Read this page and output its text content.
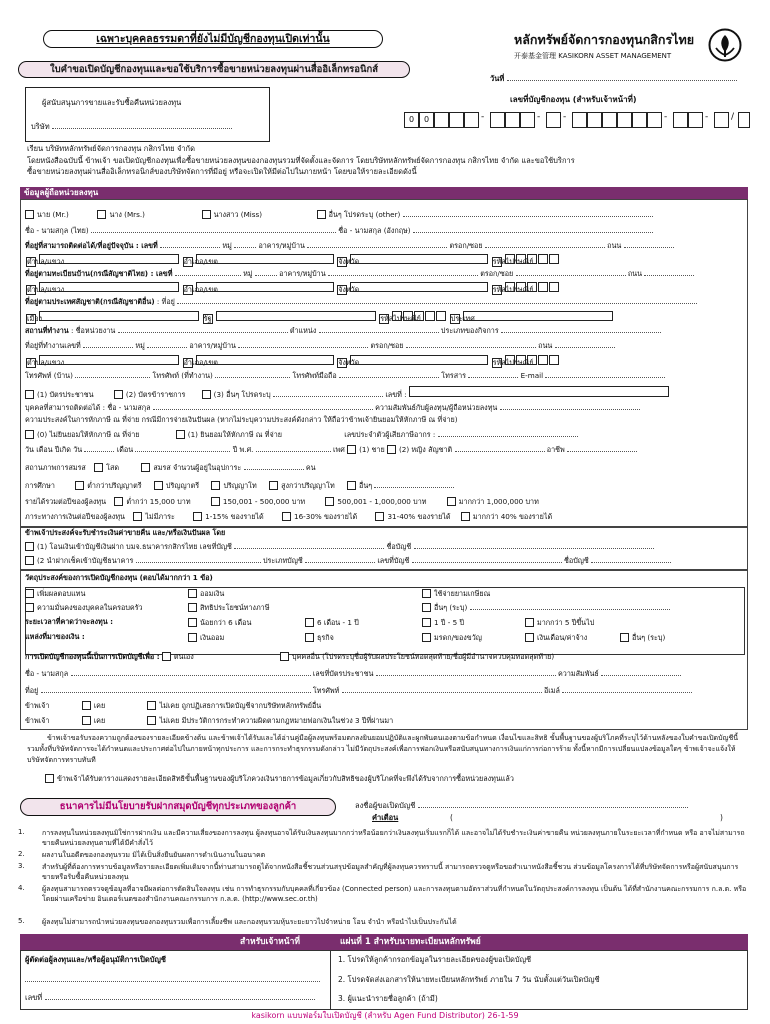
เฉพาะบุคคลธรรมดาที่ยังไม่มีบัญชีกองทุนเปิดเท่านั้น
ใบคำขอเปิดบัญชีกองทุนและขอใช้บริการซื้อขายหน่วยลงทุนผ่านสื่ออิเล็กทรอนิกส์
หลักทรัพย์จัดการกองทุนกสิกรไทย
开泰基金管理 KASIKORN ASSET MANAGEMENT
ผู้สนับสนุนการขายและรับซื้อคืนหน่วยลงทุน
บริษัท
วันที่
เลขที่บัญชีกองทุน (สำหรับเจ้าหน้าที่)
0	0	-	-	-	-	-	/
เรียน บริษัทหลักทรัพย์จัดการกองทุน กสิกรไทย จำกัด
โดยหนังสือฉบับนี้ ข้าพเจ้า ขอเปิดบัญชีกองทุนเพื่อซื้อขายหน่วยลงทุนของกองทุนรวมที่จัดตั้งและจัดการ โดยบริษัทหลักทรัพย์จัดการกองทุน กสิกรไทย จำกัด และขอใช้บริการ
ซื้อขายหน่วยลงทุนผ่านสื่ออิเล็กทรอนิกส์ของบริษัทจัดการที่มีอยู่ หรือจะเปิดให้มีต่อไปในภายหน้า โดยขอให้รายละเอียดดังนี้
ข้อมูลผู้ถือหน่วยลงทุน
นาย (Mr.)	นาง (Mrs.)	นางสาว (Miss)	อื่นๆ โปรดระบุ (other)
ชื่อ - นามสกุล (ไทย)	ชื่อ - นามสกุล (อังกฤษ)
ที่อยู่ที่สามารถติดต่อได้/ที่อยู่ปัจจุบัน : เลขที่	หมู่	อาคาร/หมู่บ้าน	ตรอก/ซอย	ถนน
ตำบล/แขวง	อำเภอ/เขต	จังหวัด	รหัสไปรษณีย์
ที่อยู่ตามทะเบียนบ้าน(กรณีสัญชาติไทย) : เลขที่	หมู่	อาคาร/หมู่บ้าน	ตรอก/ซอย	ถนน
ตำบล/แขวง	อำเภอ/เขต	จังหวัด	รหัสไปรษณีย์
ที่อยู่ตามประเทศสัญชาติ(กรณีสัญชาติอื่น) : ที่อยู่
เมือง	รัฐ	รหัสไปรษณีย์	ประเทศ
สถานที่ทำงาน : ชื่อหน่วยงาน	ตำแหน่ง	ประเภทของกิจการ
ที่อยู่ที่ทำงานเลขที่	หมู่	อาคาร/หมู่บ้าน	ตรอก/ซอย	ถนน
ตำบล/แขวง	อำเภอ/เขต	จังหวัด	รหัสไปรษณีย์
โทรศัพท์ (บ้าน)	โทรศัพท์ (ที่ทำงาน)	โทรศัพท์มือถือ	โทรสาร	E-mail
(1) บัตรประชาชน	(2) บัตรข้าราชการ	(3) อื่นๆ โปรดระบุ	เลขที่ :
บุคคลที่สามารถติดต่อได้ : ชื่อ - นามสกุล	ความสัมพันธ์กับผู้ลงทุน/ผู้ถือหน่วยลงทุน
ความประสงค์ในการหักภาษี ณ ที่จ่าย กรณีมีการจ่ายเงินปันผล (หากไม่ระบุความประสงค์ดังกล่าว ให้ถือว่าข้าพเจ้ายินยอมให้หักภาษี ณ ที่จ่าย)
(0) ไม่ยินยอมให้หักภาษี ณ ที่จ่าย	(1) ยินยอมให้หักภาษี ณ ที่จ่าย	เลขประจำตัวผู้เสียภาษีอากร :
วัน เดือน ปีเกิด วัน	เดือน	ปี พ.ศ.	เพศ (1) ชาย (2) หญิง สัญชาติ	อาชีพ
สถานภาพการสมรส	โสด	สมรส จำนวนผู้อยู่ในอุปการะ	คน
การศึกษา	ต่ำกว่าปริญญาตรี	ปริญญาตรี	ปริญญาโท	สูงกว่าปริญญาโท	อื่นๆ
รายได้รวมต่อปีของผู้ลงทุน	ต่ำกว่า 15,000 บาท	150,001 - 500,000 บาท	500,001 - 1,000,000 บาท	มากกว่า 1,000,000 บาท
ภาระทางการเงินต่อปีของผู้ลงทุน	ไม่มีภาระ	1-15% ของรายได้	16-30% ของรายได้	31-40% ของรายได้	มากกว่า 40% ของรายได้
ข้าพเจ้าประสงค์จะรับชำระเงินค่าขายคืน และ/หรือเงินปันผล โดย
(1) โอนเงินเข้าบัญชีเงินฝาก บมจ.ธนาคารกสิกรไทย เลขที่บัญชี	ชื่อบัญชี
(2 นำฝากเช็คเข้าบัญชีธนาคาร	ประเภทบัญชี	เลขที่บัญชี	ชื่อบัญชี
วัตถุประสงค์ของการเปิดบัญชีกองทุน (ตอบได้มากกว่า 1 ข้อ)
เพิ่มผลตอบแทน	ออมเงิน	ใช้จ่ายยามเกษียณ
ความมั่นคงของบุคคลในครอบครัว	สิทธิประโยชน์ทางภาษี	อื่นๆ (ระบุ)
ระยะเวลาที่คาดว่าจะลงทุน :	น้อยกว่า 6 เดือน	6 เดือน - 1 ปี	1 ปี - 5 ปี	มากกว่า 5 ปีขึ้นไป
แหล่งที่มาของเงิน :	เงินออม	ธุรกิจ	มรดก/ของขวัญ	เงินเดือน/ค่าจ้าง	อื่นๆ (ระบุ)
การเปิดบัญชีกองทุนนี้เป็นการเปิดบัญชีเพื่อ : ตนเอง	บุคคลอื่น (โปรดระบุชื่อผู้รับผลประโยชน์ทอดสุดท้าย/ชื่อผู้มีอำนาจควบคุมทอดสุดท้าย)
ชื่อ - นามสกุล	เลขที่บัตรประชาชน	ความสัมพันธ์
ที่อยู่	โทรศัพท์	อีเมล์
ข้าพเจ้า	เคย	ไม่เคย ถูกปฏิเสธการเปิดบัญชีจากบริษัทหลักทรัพย์อื่น
ข้าพเจ้า	เคย	ไม่เคย มีประวัติการกระทำความผิดตามกฎหมายฟอกเงินในช่วง 3 ปีที่ผ่านมา
ข้าพเจ้าขอรับรองความถูกต้องของรายละเอียดข้างต้น และข้าพเจ้าได้รับและได้อ่านคู่มือผู้ลงทุนพร้อมตกลงยินยอมปฏิบัติและผูกพันตนเองตามข้อกำหนด เงื่อนไขและสิทธิ ขั้นพื้นฐานของผู้บริโภคที่ระบุไว้ด้านหลังของใบคำขอเปิดบัญชีนี้ รวมทั้งที่บริษัทจัดการจะได้กำหนดและประกาศต่อไปในภายหน้าทุกประการ และการกระทำธุรกรรมดังกล่าว ไม่มีวัตถุประสงค์เพื่อการฟอกเงินหรือสนับสนุนทางการเงินแก่การก่อการร้าย ทั้งนี้หากมีการเปลี่ยนแปลงข้อมูลใดๆ ข้าพเจ้าจะแจ้งให้บริษัทจัดการทราบทันที
ข้าพเจ้าได้รับตารางแสดงรายละเอียดสิทธิขั้นพื้นฐานของผู้บริโภควงเงินรายการข้อมูลเกี่ยวกับสิทธิของผู้บริโภคที่จะพึงได้รับจากการซื้อหน่วยลงทุนแล้ว
ธนาคารไม่มีนโยบายรับฝากสมุดบัญชีทุกประเภทของลูกค้า	ลงชื่อผู้ขอเปิดบัญชี
คำเตือน	(	)
1.	การลงทุนในหน่วยลงทุนมิใช่การฝากเงิน และมีความเสี่ยงของการลงทุน ผู้ลงทุนอาจได้รับเงินลงทุนมากกว่าหรือน้อยกว่าเงินลงทุนเริ่มแรกก็ได้ และอาจไม่ได้รับชำระเงินค่าขายคืน หน่วยลงทุนภายในระยะเวลาที่กำหนด หรือ อาจไม่สามารถขายคืนหน่วยลงทุนตามที่ได้มีคำสั่งไว้
2.	ผลงานในอดีตของกองทุนรวม มิได้เป็นสิ่งยืนยันผลการดำเนินงานในอนาคต
3.	สำหรับผู้ที่ต้องการทราบข้อมูลหรือรายละเอียดเพิ่มเติมจากนี้ท่านสามารถดูได้จากหนังสือชี้ชวนส่วนสรุปข้อมูลสำคัญที่ผู้ลงทุนควรทราบนี้ สามารถตรวจดูหรือขอสำเนาหนังสือชี้ชวน ส่วนข้อมูลโครงการได้ที่บริษัทจัดการหรือผู้สนับสนุนการขายหรือรับซื้อคืนหน่วยลงทุน
4.	ผู้ลงทุนสามารถตรวจดูข้อมูลที่อาจมีผลต่อการตัดสินใจลงทุน เช่น การทำธุรกรรมกับบุคคลที่เกี่ยวข้อง (Connected person) และการลงทุนตามอัตราส่วนที่กำหนดในวัตถุประสงค์การลงทุน เป็นต้น ได้ที่สำนักงานคณะกรรมการ ก.ล.ต. หรือ โดยผ่านเครือข่าย อินเตอร์เนตของสำนักงานคณะกรรมการ ก.ล.ต. (http://www.sec.or.th)
5.	ผู้ลงทุนไม่สามารถนำหน่วยลงทุนของกองทุนรวมเพื่อการเลี้ยงชีพ และกองทุนรวมหุ้นระยะยาวไปจำหน่าย โอน จำนำ หรือนำไปเป็นประกันได้
สำหรับเจ้าหน้าที่	แผ่นที่ 1 สำหรับนายทะเบียนหลักทรัพย์
ผู้ตัดต่อผู้ลงทุนและ/หรือผู้อนุมัติการเปิดบัญชี
เลขที่
1. โปรดให้ลูกค้ากรอกข้อมูลในรายละเอียดของผู้ขอเปิดบัญชี
2. โปรดจัดส่งเอกสารให้นายทะเบียนหลักทรัพย์ ภายใน 7 วัน นับตั้งแต่วันเปิดบัญชี
3. ผู้แนะนำรายชื่อลูกค้า (ถ้ามี)
kasikorn แบบฟอร์มใบเปิดบัญชี (สำหรับ Agen Fund Distributor) 26-1-59
